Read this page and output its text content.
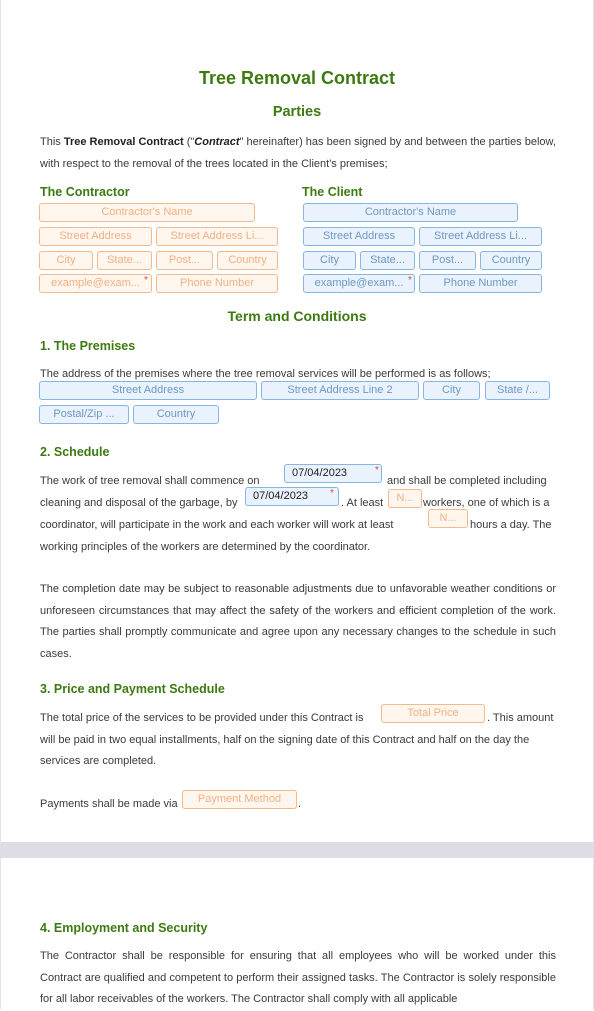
Tree Removal Contract
Parties
This Tree Removal Contract ("Contract" hereinafter) has been signed by and between the parties below,
with respect to the removal of the trees located in the Client's premises;
The Contractor
Contractor's Name
Street Address	Street Address Li...
City	State...	Post...	Country
example@exam... *	Phone Number
The Client
Contractor's Name
Street Address	Street Address Li...
City	State...	Post...	Country
example@exam... *	Phone Number
Term and Conditions
1. The Premises
The address of the premises where the tree removal services will be performed is as follows;
Street Address	Street Address Line 2	City	State /...
Postal/Zip ...	Country
2. Schedule
The work of tree removal shall commence on
07/04/2023	*
and shall be completed including
cleaning and disposal of the garbage, by
07/04/2023	*
. At least	N... workers, one of which is a
coordinator, will participate in the work and each worker will work at least
N...
hours a day. The
working principles of the workers are determined by the coordinator.
The completion date may be subject to reasonable adjustments due to unfavorable weather conditions or unforeseen circumstances that may affect the safety of the workers and efficient completion of the work. The parties shall promptly communicate and agree upon any necessary changes to the schedule in such cases.
3. Price and Payment Schedule
The total price of the services to be provided under this Contract is	Total Price	. This amount
will be paid in two equal installments, half on the signing date of this Contract and half on the day the
services are completed.
Payments shall be made via	Payment Method	.
4. Employment and Security
The Contractor shall be responsible for ensuring that all employees who will be worked under this Contract are qualified and competent to perform their assigned tasks. The Contractor is solely responsible for all labor receivables of the workers. The Contractor shall comply with all applicable
